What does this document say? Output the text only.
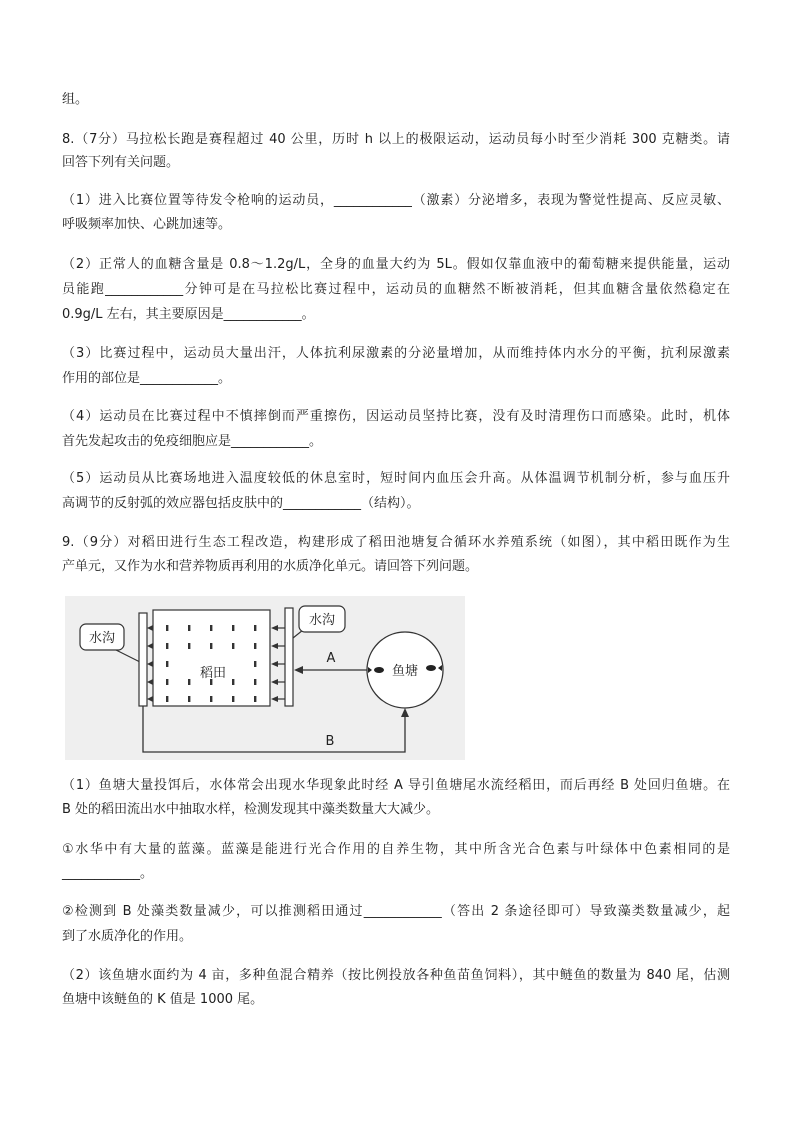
组。
8.（7分）马拉松长跑是赛程超过 40 公里，历时 h 以上的极限运动，运动员每小时至少消耗 300 克糖类。请
回答下列有关问题。
（1）进入比赛位置等待发令枪响的运动员，____________（激素）分泌增多，表现为警觉性提高、反应灵敏、
呼吸频率加快、心跳加速等。
（2）正常人的血糖含量是 0.8～1.2g/L，全身的血量大约为 5L。假如仅靠血液中的葡萄糖来提供能量，运动
员能跑____________分钟可是在马拉松比赛过程中，运动员的血糖然不断被消耗，但其血糖含量依然稳定在
0.9g/L 左右，其主要原因是____________。
（3）比赛过程中，运动员大量出汗，人体抗利尿激素的分泌量增加，从而维持体内水分的平衡，抗利尿激素
作用的部位是____________。
（4）运动员在比赛过程中不慎摔倒而严重擦伤，因运动员坚持比赛，没有及时清理伤口而感染。此时，机体
首先发起攻击的免疫细胞应是____________。
（5）运动员从比赛场地进入温度较低的休息室时，短时间内血压会升高。从体温调节机制分析，参与血压升
高调节的反射弧的效应器包括皮肤中的____________（结构）。
9.（9分）对稻田进行生态工程改造，构建形成了稻田池塘复合循环水养殖系统（如图），其中稻田既作为生
产单元，又作为水和营养物质再利用的水质净化单元。请回答下列问题。
水沟
稻田
水沟
A
鱼塘
B
（1）鱼塘大量投饵后，水体常会出现水华现象此时经 A 导引鱼塘尾水流经稻田，而后再经 B 处回归鱼塘。在
B 处的稻田流出水中抽取水样，检测发现其中藻类数量大大减少。
①水华中有大量的蓝藻。蓝藻是能进行光合作用的自养生物，其中所含光合色素与叶绿体中色素相同的是
____________。
②检测到 B 处藻类数量减少，可以推测稻田通过____________（答出 2 条途径即可）导致藻类数量减少，起
到了水质净化的作用。
（2）该鱼塘水面约为 4 亩，多种鱼混合精养（按比例投放各种鱼苗鱼饲料），其中鲢鱼的数量为 840 尾，估测
鱼塘中该鲢鱼的 K 值是 1000 尾。
